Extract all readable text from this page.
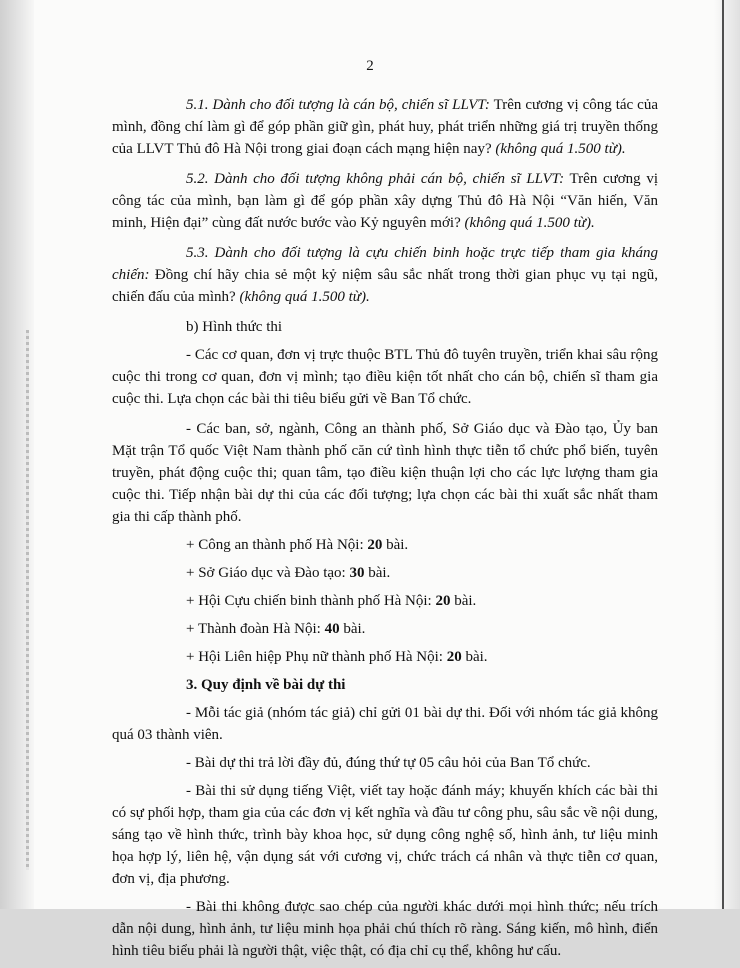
2

5.1. Dành cho đối tượng là cán bộ, chiến sĩ LLVT: Trên cương vị công tác của mình, đồng chí làm gì để góp phần giữ gìn, phát huy, phát triển những giá trị truyền thống của LLVT Thủ đô Hà Nội trong giai đoạn cách mạng hiện nay? (không quá 1.500 từ).

5.2. Dành cho đối tượng không phải cán bộ, chiến sĩ LLVT: Trên cương vị công tác của mình, bạn làm gì để góp phần xây dựng Thủ đô Hà Nội “Văn hiến, Văn minh, Hiện đại” cùng đất nước bước vào Kỷ nguyên mới? (không quá 1.500 từ).

5.3. Dành cho đối tượng là cựu chiến binh hoặc trực tiếp tham gia kháng chiến: Đồng chí hãy chia sẻ một kỷ niệm sâu sắc nhất trong thời gian phục vụ tại ngũ, chiến đấu của mình? (không quá 1.500 từ).

b) Hình thức thi

- Các cơ quan, đơn vị trực thuộc BTL Thủ đô tuyên truyền, triển khai sâu rộng cuộc thi trong cơ quan, đơn vị mình; tạo điều kiện tốt nhất cho cán bộ, chiến sĩ tham gia cuộc thi. Lựa chọn các bài thi tiêu biểu gửi về Ban Tổ chức.

- Các ban, sở, ngành, Công an thành phố, Sở Giáo dục và Đào tạo, Ủy ban Mặt trận Tổ quốc Việt Nam thành phố căn cứ tình hình thực tiễn tổ chức phổ biến, tuyên truyền, phát động cuộc thi; quan tâm, tạo điều kiện thuận lợi cho các lực lượng tham gia cuộc thi. Tiếp nhận bài dự thi của các đối tượng; lựa chọn các bài thi xuất sắc nhất tham gia thi cấp thành phố.

+ Công an thành phố Hà Nội: 20 bài.

+ Sở Giáo dục và Đào tạo: 30 bài.

+ Hội Cựu chiến binh thành phố Hà Nội: 20 bài.

+ Thành đoàn Hà Nội: 40 bài.

+ Hội Liên hiệp Phụ nữ thành phố Hà Nội: 20 bài.

3. Quy định về bài dự thi

- Mỗi tác giả (nhóm tác giả) chỉ gửi 01 bài dự thi. Đối với nhóm tác giả không quá 03 thành viên.

- Bài dự thi trả lời đầy đủ, đúng thứ tự 05 câu hỏi của Ban Tổ chức.

- Bài thi sử dụng tiếng Việt, viết tay hoặc đánh máy; khuyến khích các bài thi có sự phối hợp, tham gia của các đơn vị kết nghĩa và đầu tư công phu, sâu sắc về nội dung, sáng tạo về hình thức, trình bày khoa học, sử dụng công nghệ số, hình ảnh, tư liệu minh họa hợp lý, liên hệ, vận dụng sát với cương vị, chức trách cá nhân và thực tiễn cơ quan, đơn vị, địa phương.

- Bài thi không được sao chép của người khác dưới mọi hình thức; nếu trích dẫn nội dung, hình ảnh, tư liệu minh họa phải chú thích rõ ràng. Sáng kiến, mô hình, điển hình tiêu biểu phải là người thật, việc thật, có địa chỉ cụ thể, không hư cấu.
